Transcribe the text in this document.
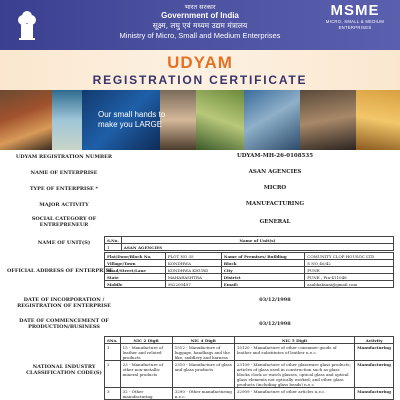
भारत सरकार
Government of India
सूक्ष्म, लघु एवं मध्यम उद्यम मंत्रालय
Ministry of Micro, Small and Medium Enterprises
MSME
MICRO, SMALL & MEDIUM ENTERPRISES
UDYAM
REGISTRATION CERTIFICATE
Our small hands to
make you LARGE
UDYAM REGISTRATION NUMBER	UDYAM-MH-26-0108535
NAME OF ENTERPRISE	ASAN AGENCIES
TYPE OF ENTERPRISE *	MICRO
MAJOR ACTIVITY	MANUFACTURING
SOCIAL CATEGORY OF
ENTREPRENEUR	GENERAL
NAME OF UNIT(S)	S.No.	Name of Unit(s)
1	ASAN AGENCIES
OFFICIAL ADDRESS OF ENTERPRISE
Flat/Door/Block No.	PLOT NO 35	Name of Premises/ Building	COMUNITY CLOP HOUSOC LTD
Village/Town	KONDHWA	Block	S NO 40/42
Road/Street/Lane	KONDHWA KHURD	City	PUNE
State	MAHARASHTRA	District	PUNE , Pin-411048
Mobile	982200497	Email:	asahkaksani@gmail.com
DATE OF INCORPORATION /
REGISTRATION OF ENTERPRISE
03/12/1998
DATE OF COMMENCEMENT OF
PRODUCTION/BUSINESS	03/12/1998
NATIONAL INDUSTRY
CLASSIFICATION CODE(S)
SNo.	NIC 2 Digit	NIC 4 Digit	NIC 5 Digit	Activity
1	15 - Manufacture of leather and related products	1512 - Manufacture of luggage, handbags and the like, saddlery and harness	15120 - Manufacture of other consumer goods of leather and substitutes of leather n.e.c.	Manufacturing
2	23 - Manufacture of other non-metallic mineral products	2310 - Manufacture of glass and glass products	23109 - Manufacture of other glassware glass products; articles of glass used in construction such as glass blocks clock or watch glasses, optical glass and optical glass elements not optically worked; and other glass products (including glass beads) n.e.c	Manufacturing
3	32 - Other manufacturing	3290 - Other manufacturing n.e.c.	32909 - Manufacture of other articles n.e.c.	Manufacturing
